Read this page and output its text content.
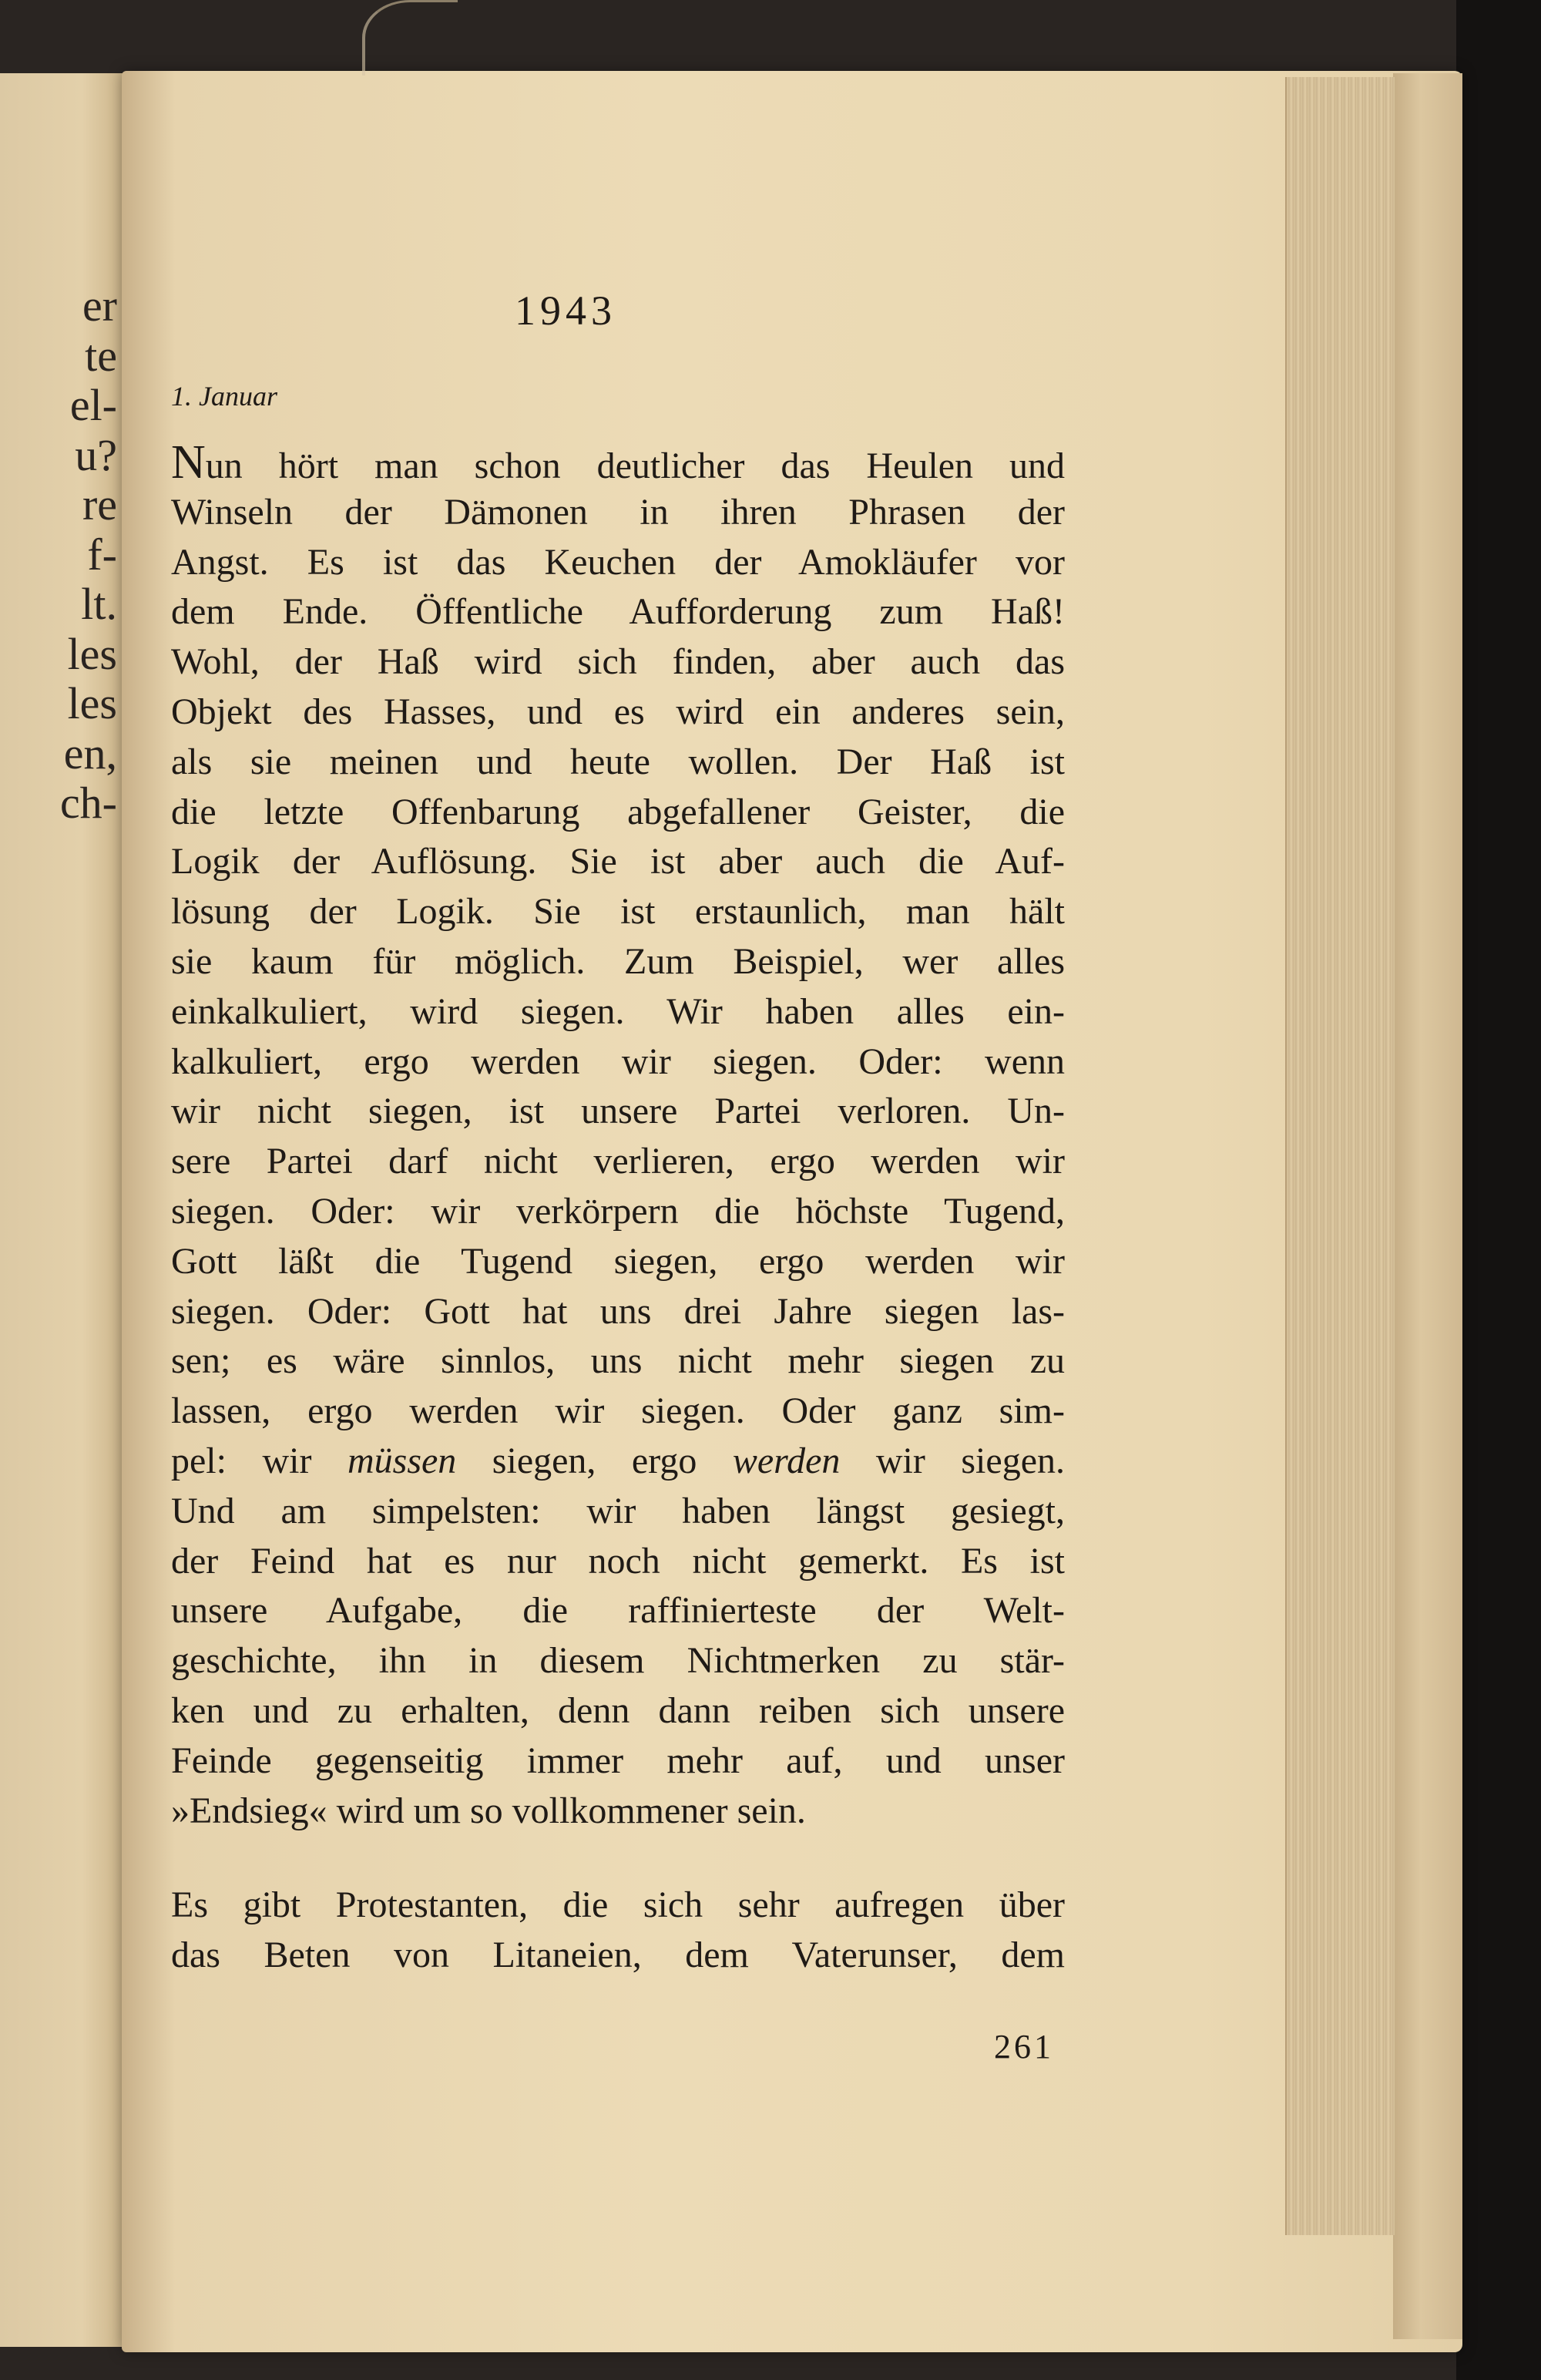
er
te
el-
u?
re
f-
lt.
les
les
en,
ch-
1943
1. Januar
Nun hört man schon deutlicher das Heulen und
Winseln der Dämonen in ihren Phrasen der
Angst. Es ist das Keuchen der Amokläufer vor
dem Ende. Öffentliche Aufforderung zum Haß!
Wohl, der Haß wird sich finden, aber auch das
Objekt des Hasses, und es wird ein anderes sein,
als sie meinen und heute wollen. Der Haß ist
die letzte Offenbarung abgefallener Geister, die
Logik der Auflösung. Sie ist aber auch die Auf-
lösung der Logik. Sie ist erstaunlich, man hält
sie kaum für möglich. Zum Beispiel, wer alles
einkalkuliert, wird siegen. Wir haben alles ein-
kalkuliert, ergo werden wir siegen. Oder: wenn
wir nicht siegen, ist unsere Partei verloren. Un-
sere Partei darf nicht verlieren, ergo werden wir
siegen. Oder: wir verkörpern die höchste Tugend,
Gott läßt die Tugend siegen, ergo werden wir
siegen. Oder: Gott hat uns drei Jahre siegen las-
sen; es wäre sinnlos, uns nicht mehr siegen zu
lassen, ergo werden wir siegen. Oder ganz sim-
pel: wir müssen siegen, ergo werden wir siegen.
Und am simpelsten: wir haben längst gesiegt,
der Feind hat es nur noch nicht gemerkt. Es ist
unsere Aufgabe, die raffinierteste der Welt-
geschichte, ihn in diesem Nichtmerken zu stär-
ken und zu erhalten, denn dann reiben sich unsere
Feinde gegenseitig immer mehr auf, und unser
»Endsieg« wird um so vollkommener sein.
Es gibt Protestanten, die sich sehr aufregen über
das Beten von Litaneien, dem Vaterunser, dem
261
